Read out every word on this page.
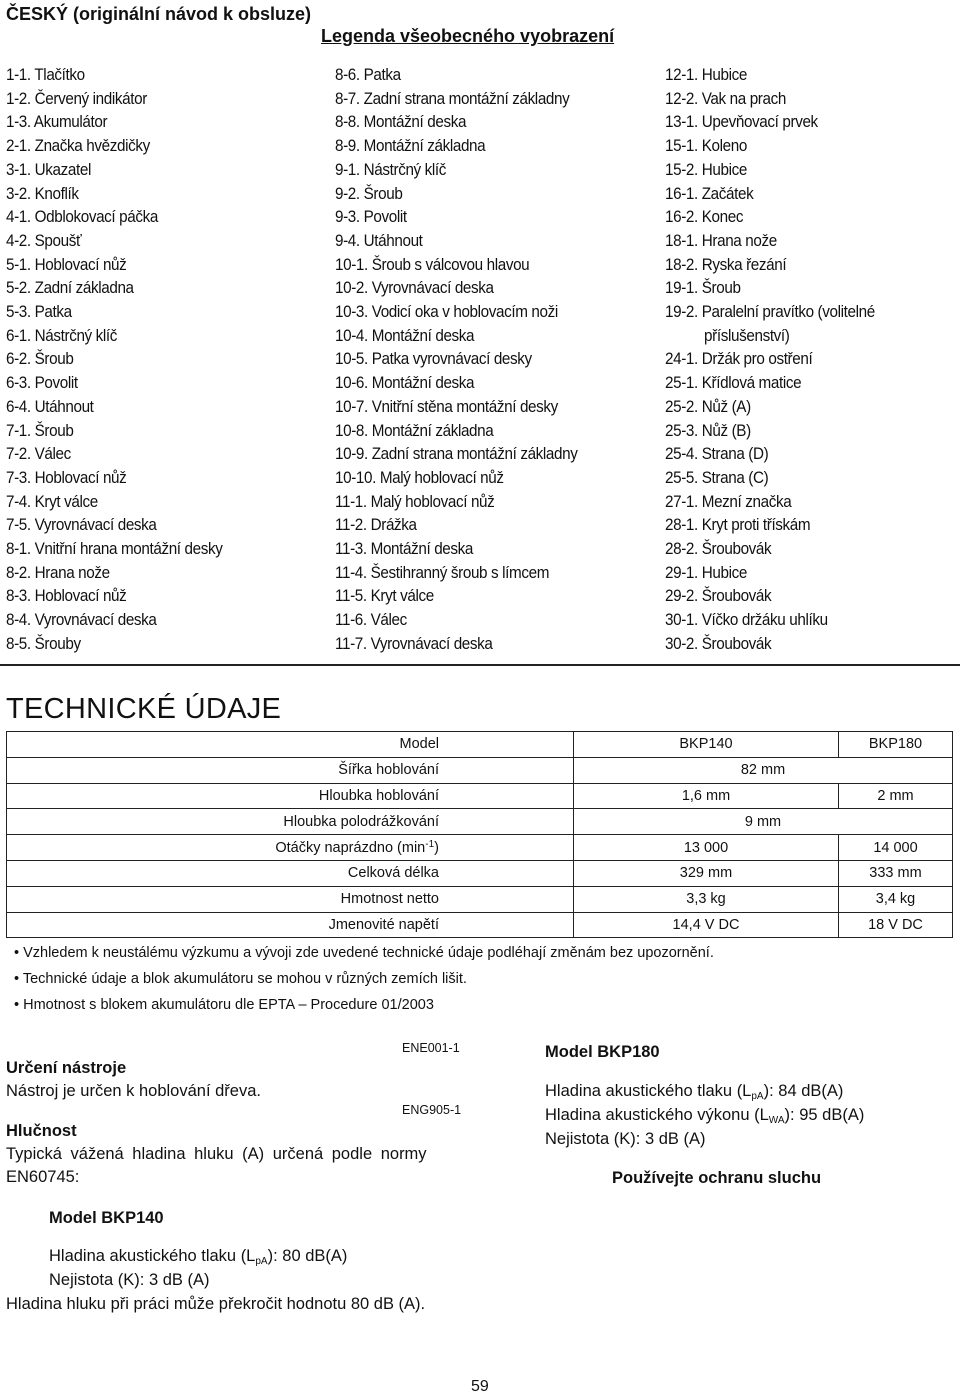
ČESKÝ (originální návod k obsluze)
Legenda všeobecného vyobrazení
1-1. Tlačítko
1-2. Červený indikátor
1-3. Akumulátor
2-1. Značka hvězdičky
3-1. Ukazatel
3-2. Knoflík
4-1. Odblokovací páčka
4-2. Spoušť
5-1. Hoblovací nůž
5-2. Zadní základna
5-3. Patka
6-1. Nástrčný klíč
6-2. Šroub
6-3. Povolit
6-4. Utáhnout
7-1. Šroub
7-2. Válec
7-3. Hoblovací nůž
7-4. Kryt válce
7-5. Vyrovnávací deska
8-1. Vnitřní hrana montážní desky
8-2. Hrana nože
8-3. Hoblovací nůž
8-4. Vyrovnávací deska
8-5. Šrouby
8-6. Patka
8-7. Zadní strana montážní základny
8-8. Montážní deska
8-9. Montážní základna
9-1. Nástrčný klíč
9-2. Šroub
9-3. Povolit
9-4. Utáhnout
10-1. Šroub s válcovou hlavou
10-2. Vyrovnávací deska
10-3. Vodicí oka v hoblovacím noži
10-4. Montážní deska
10-5. Patka vyrovnávací desky
10-6. Montážní deska
10-7. Vnitřní stěna montážní desky
10-8. Montážní základna
10-9. Zadní strana montážní základny
10-10. Malý hoblovací nůž
11-1. Malý hoblovací nůž
11-2. Drážka
11-3. Montážní deska
11-4. Šestihranný šroub s límcem
11-5. Kryt válce
11-6. Válec
11-7. Vyrovnávací deska
12-1. Hubice
12-2. Vak na prach
13-1. Upevňovací prvek
15-1. Koleno
15-2. Hubice
16-1. Začátek
16-2. Konec
18-1. Hrana nože
18-2. Ryska řezání
19-1. Šroub
19-2. Paralelní pravítko (volitelné
příslušenství)
24-1. Držák pro ostření
25-1. Křídlová matice
25-2. Nůž (A)
25-3. Nůž (B)
25-4. Strana (D)
25-5. Strana (C)
27-1. Mezní značka
28-1. Kryt proti třískám
28-2. Šroubovák
29-1. Hubice
29-2. Šroubovák
30-1. Víčko držáku uhlíku
30-2. Šroubovák
TECHNICKÉ ÚDAJE
Model	BKP140	BKP180
Šířka hoblování	82 mm	
Hloubka hoblování	1,6 mm	2 mm
Hloubka polodrážkování	9 mm	
Otáčky naprázdno $(\min^{-1})$	13 000	14 000
Celková délka	329 mm	333 mm
Hmotnost netto	3,3 kg	3,4 kg
Jmenovité napětí	14,4 V DC	18 V DC
• Vzhledem k neustálému výzkumu a vývoji zde uvedené technické údaje podléhají změnám bez upozornění.
• Technické údaje a blok akumulátoru se mohou v různých zemích lišit.
• Hmotnost s blokem akumulátoru dle EPTA – Procedure 01/2003
ENE001-1
Určení nástroje
Nástroj je určen k hoblování dřeva.
ENG905-1
Hlučnost
Typická vážená hladina hluku (A) určená podle normy
EN60745:
Model BKP140
Hladina akustického tlaku $(L_{pA})$: 80 dB(A)
Nejistota (K): 3 dB (A)
Hladina hluku při práci může překročit hodnotu 80 dB (A).
Model BKP180
Hladina akustického tlaku $(L_{pA})$: 84 dB(A)
Hladina akustického výkonu $(L_{WA})$: 95 dB(A)
Nejistota (K): 3 dB (A)
Používejte ochranu sluchu
59
